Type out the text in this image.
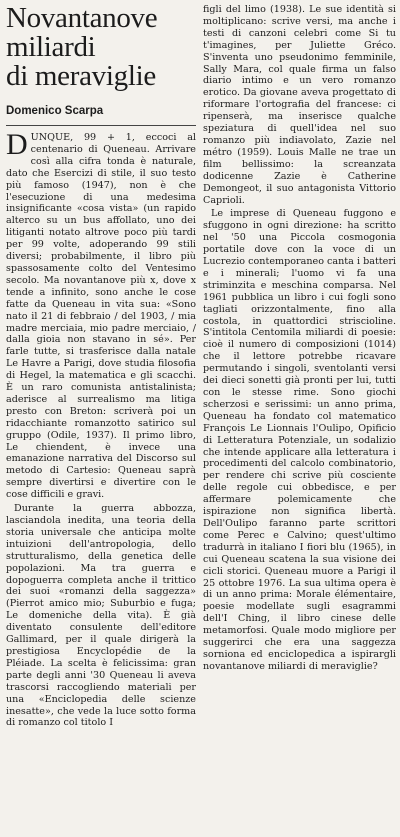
Novantanove
miliardi
di meraviglie
Domenico Scarpa

DUNQUE, 99 + 1, eccoci al centenario di Queneau. Arrivare così alla cifra tonda è naturale, dato che Esercizi di stile, il suo testo più famoso (1947), non è che l'esecuzione di una medesima insignificante «cosa vista» (un rapido alterco su un bus affollato, uno dei litiganti notato altrove poco più tardi per 99 volte, adoperando 99 stili diversi; probabilmente, il libro più spassosamente colto del Ventesimo secolo. Ma novantanove più x, dove x tende a infinito, sono anche le cose fatte da Queneau in vita sua: «Sono nato il 21 di febbraio / del 1903, / mia madre merciaia, mio padre merciaio, / dalla gioia non stavano in sé». Per farle tutte, si trasferisce dalla natale Le Havre a Parigi, dove studia filosofia di Hegel, la matematica e gli scacchi. È un raro comunista antistalinista; aderisce al surrealismo ma litiga presto con Breton: scriverà poi un ridacchiante romanzotto satirico sul gruppo (Odile, 1937). Il primo libro, Le chiendent, è invece una emanazione narrativa del Discorso sul metodo di Cartesio: Queneau saprà sempre divertirsi e divertire con le cose difficili e gravi.

Durante la guerra abbozza, lasciandola inedita, una teoria della storia universale che anticipa molte intuizioni dell'antropologia, dello strutturalismo, della genetica delle popolazioni. Ma tra guerra e dopoguerra completa anche il trittico dei suoi «romanzi della saggezza» (Pierrot amico mio; Suburbio e fuga; Le domeniche della vita). È già diventato consulente dell'editore Gallimard, per il quale dirigerà la prestigiosa Encyclopédie de la Pléiade. La scelta è felicissima: gran parte degli anni '30 Queneau li aveva trascorsi raccogliendo materiali per una «Enciclopedia delle scienze inesatte», che vede la luce sotto forma di romanzo col titolo I

figli del limo (1938). Le sue identità si moltiplicano: scrive versi, ma anche i testi di canzoni celebri come Si tu t'imagines, per Juliette Gréco. S'inventa uno pseudonimo femminile, Sally Mara, col quale firma un falso diario intimo e un vero romanzo erotico. Da giovane aveva progettato di riformare l'ortografia del francese: ci ripenserà, ma inserisce qualche speziatura di quell'idea nel suo romanzo più indiavolato, Zazie nel métro (1959). Louis Malle ne trae un film bellissimo: la screanzata dodicenne Zazie è Catherine Demongeot, il suo antagonista Vittorio Caprioli.

Le imprese di Queneau fuggono e sfuggono in ogni direzione: ha scritto nel '50 una Piccola cosmogonia portatile dove con la voce di un Lucrezio contemporaneo canta i batteri e i minerali; l'uomo vi fa una striminzita e meschina comparsa. Nel 1961 pubblica un libro i cui fogli sono tagliati orizzontalmente, fino alla costola, in quattordici striscioline. S'intitola Centomila miliardi di poesie: cioè il numero di composizioni (1014) che il lettore potrebbe ricavare permutando i singoli, sventolanti versi dei dieci sonetti già pronti per lui, tutti con le stesse rime. Sono giochi scherzosi e serissimi: un anno prima, Queneau ha fondato col matematico François Le Lionnais l'Oulipo, Opificio di Letteratura Potenziale, un sodalizio che intende applicare alla letteratura i procedimenti del calcolo combinatorio, per rendere chi scrive più cosciente delle regole cui obbedisce, e per affermare polemicamente che ispirazione non significa libertà. Dell'Oulipo faranno parte scrittori come Perec e Calvino; quest'ultimo tradurrà in italiano I fiori blu (1965), in cui Queneau scatena la sua visione dei cicli storici. Queneau muore a Parigi il 25 ottobre 1976. La sua ultima opera è di un anno prima: Morale élémentaire, poesie modellate sugli esagrammi dell'I Ching, il libro cinese delle metamorfosi. Quale modo migliore per suggerirci che era una saggezza sorniona ed enciclopedica a ispirargli novantanove miliardi di meraviglie?
